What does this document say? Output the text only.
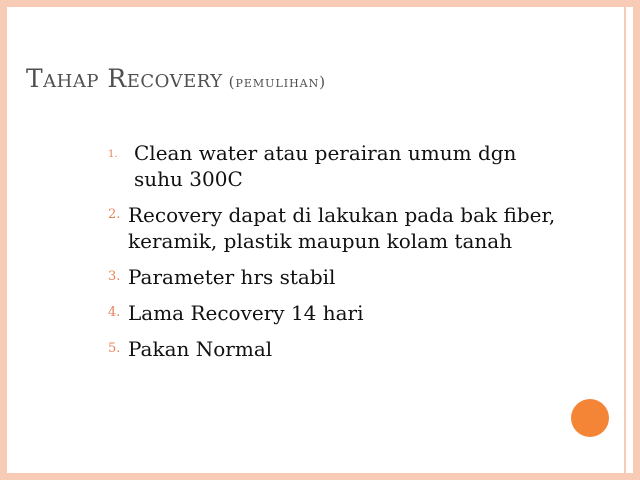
Tahap Recovery (pemulihan)
1. Clean water atau perairan umum dgn suhu 300C
2. Recovery dapat di lakukan pada bak fiber, keramik, plastik maupun kolam tanah
3. Parameter hrs stabil
4. Lama Recovery 14 hari
5. Pakan Normal
